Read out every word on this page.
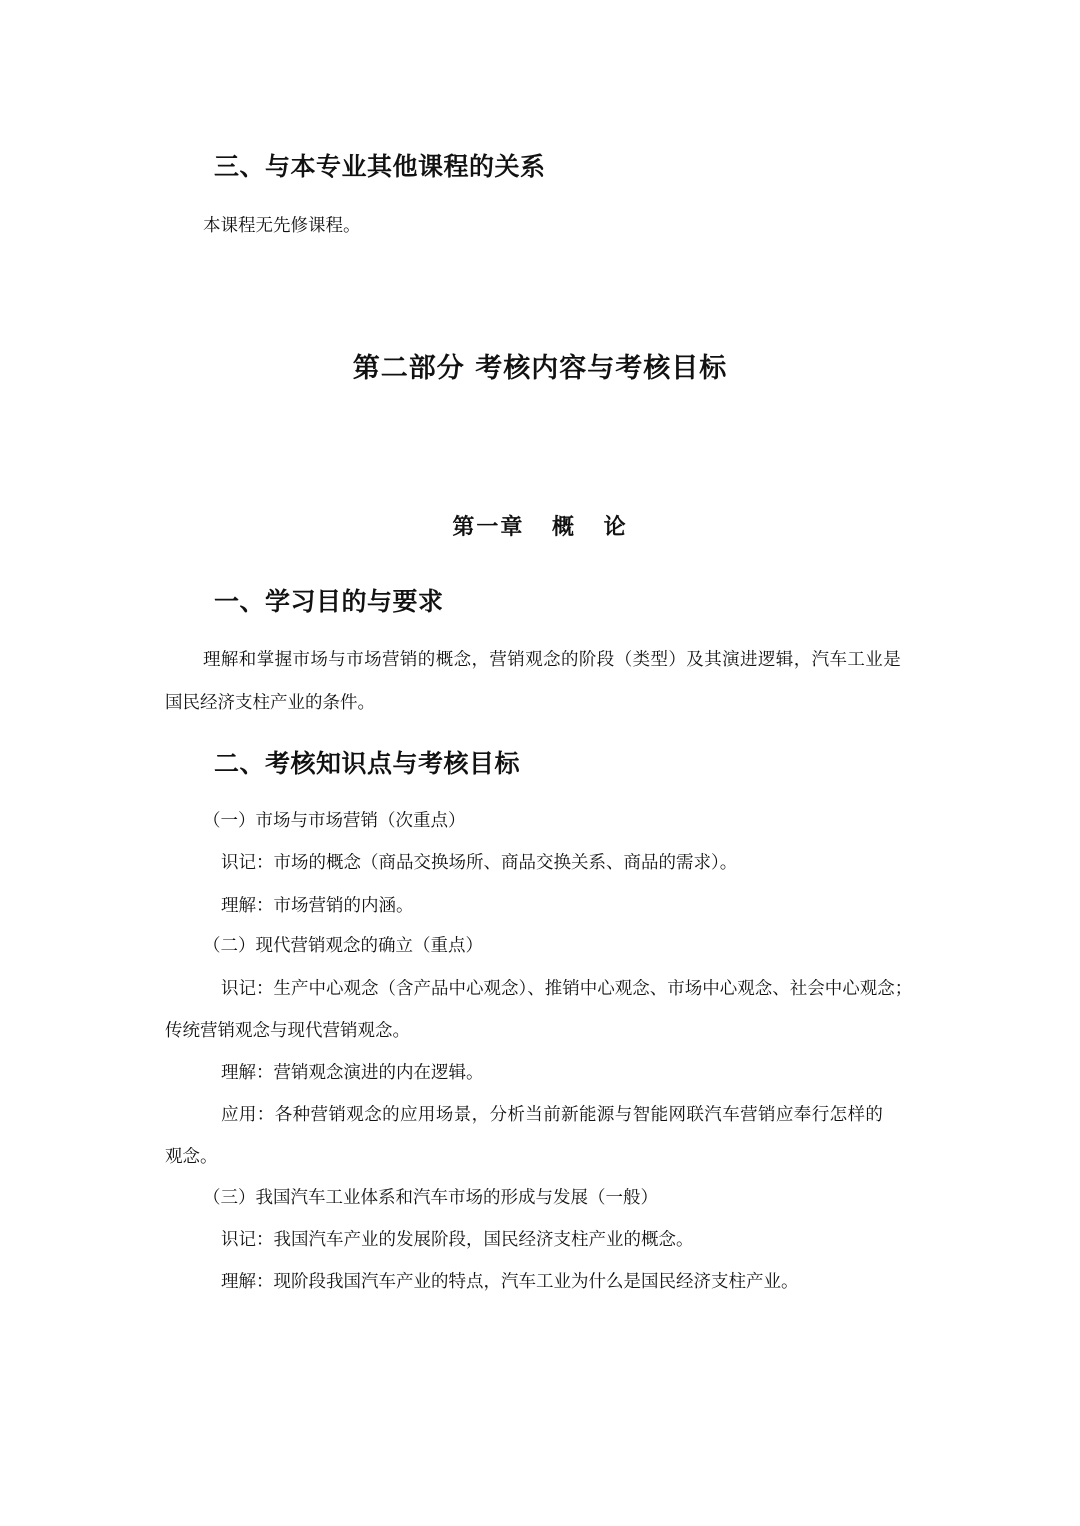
三、与本专业其他课程的关系

本课程无先修课程。

第二部分 考核内容与考核目标
第一章 概 论
一、学习目的与要求

理解和掌握市场与市场营销的概念，营销观念的阶段（类型）及其演进逻辑，汽车工业是

国民经济支柱产业的条件。

二、考核知识点与考核目标

（一）市场与市场营销（次重点）

识记：市场的概念（商品交换场所、商品交换关系、商品的需求）。

理解：市场营销的内涵。

（二）现代营销观念的确立（重点）

识记：生产中心观念（含产品中心观念）、推销中心观念、市场中心观念、社会中心观念；

传统营销观念与现代营销观念。

理解：营销观念演进的内在逻辑。

应用：各种营销观念的应用场景，分析当前新能源与智能网联汽车营销应奉行怎样的

观念。

（三）我国汽车工业体系和汽车市场的形成与发展（一般）

识记：我国汽车产业的发展阶段，国民经济支柱产业的概念。

理解：现阶段我国汽车产业的特点，汽车工业为什么是国民经济支柱产业。
